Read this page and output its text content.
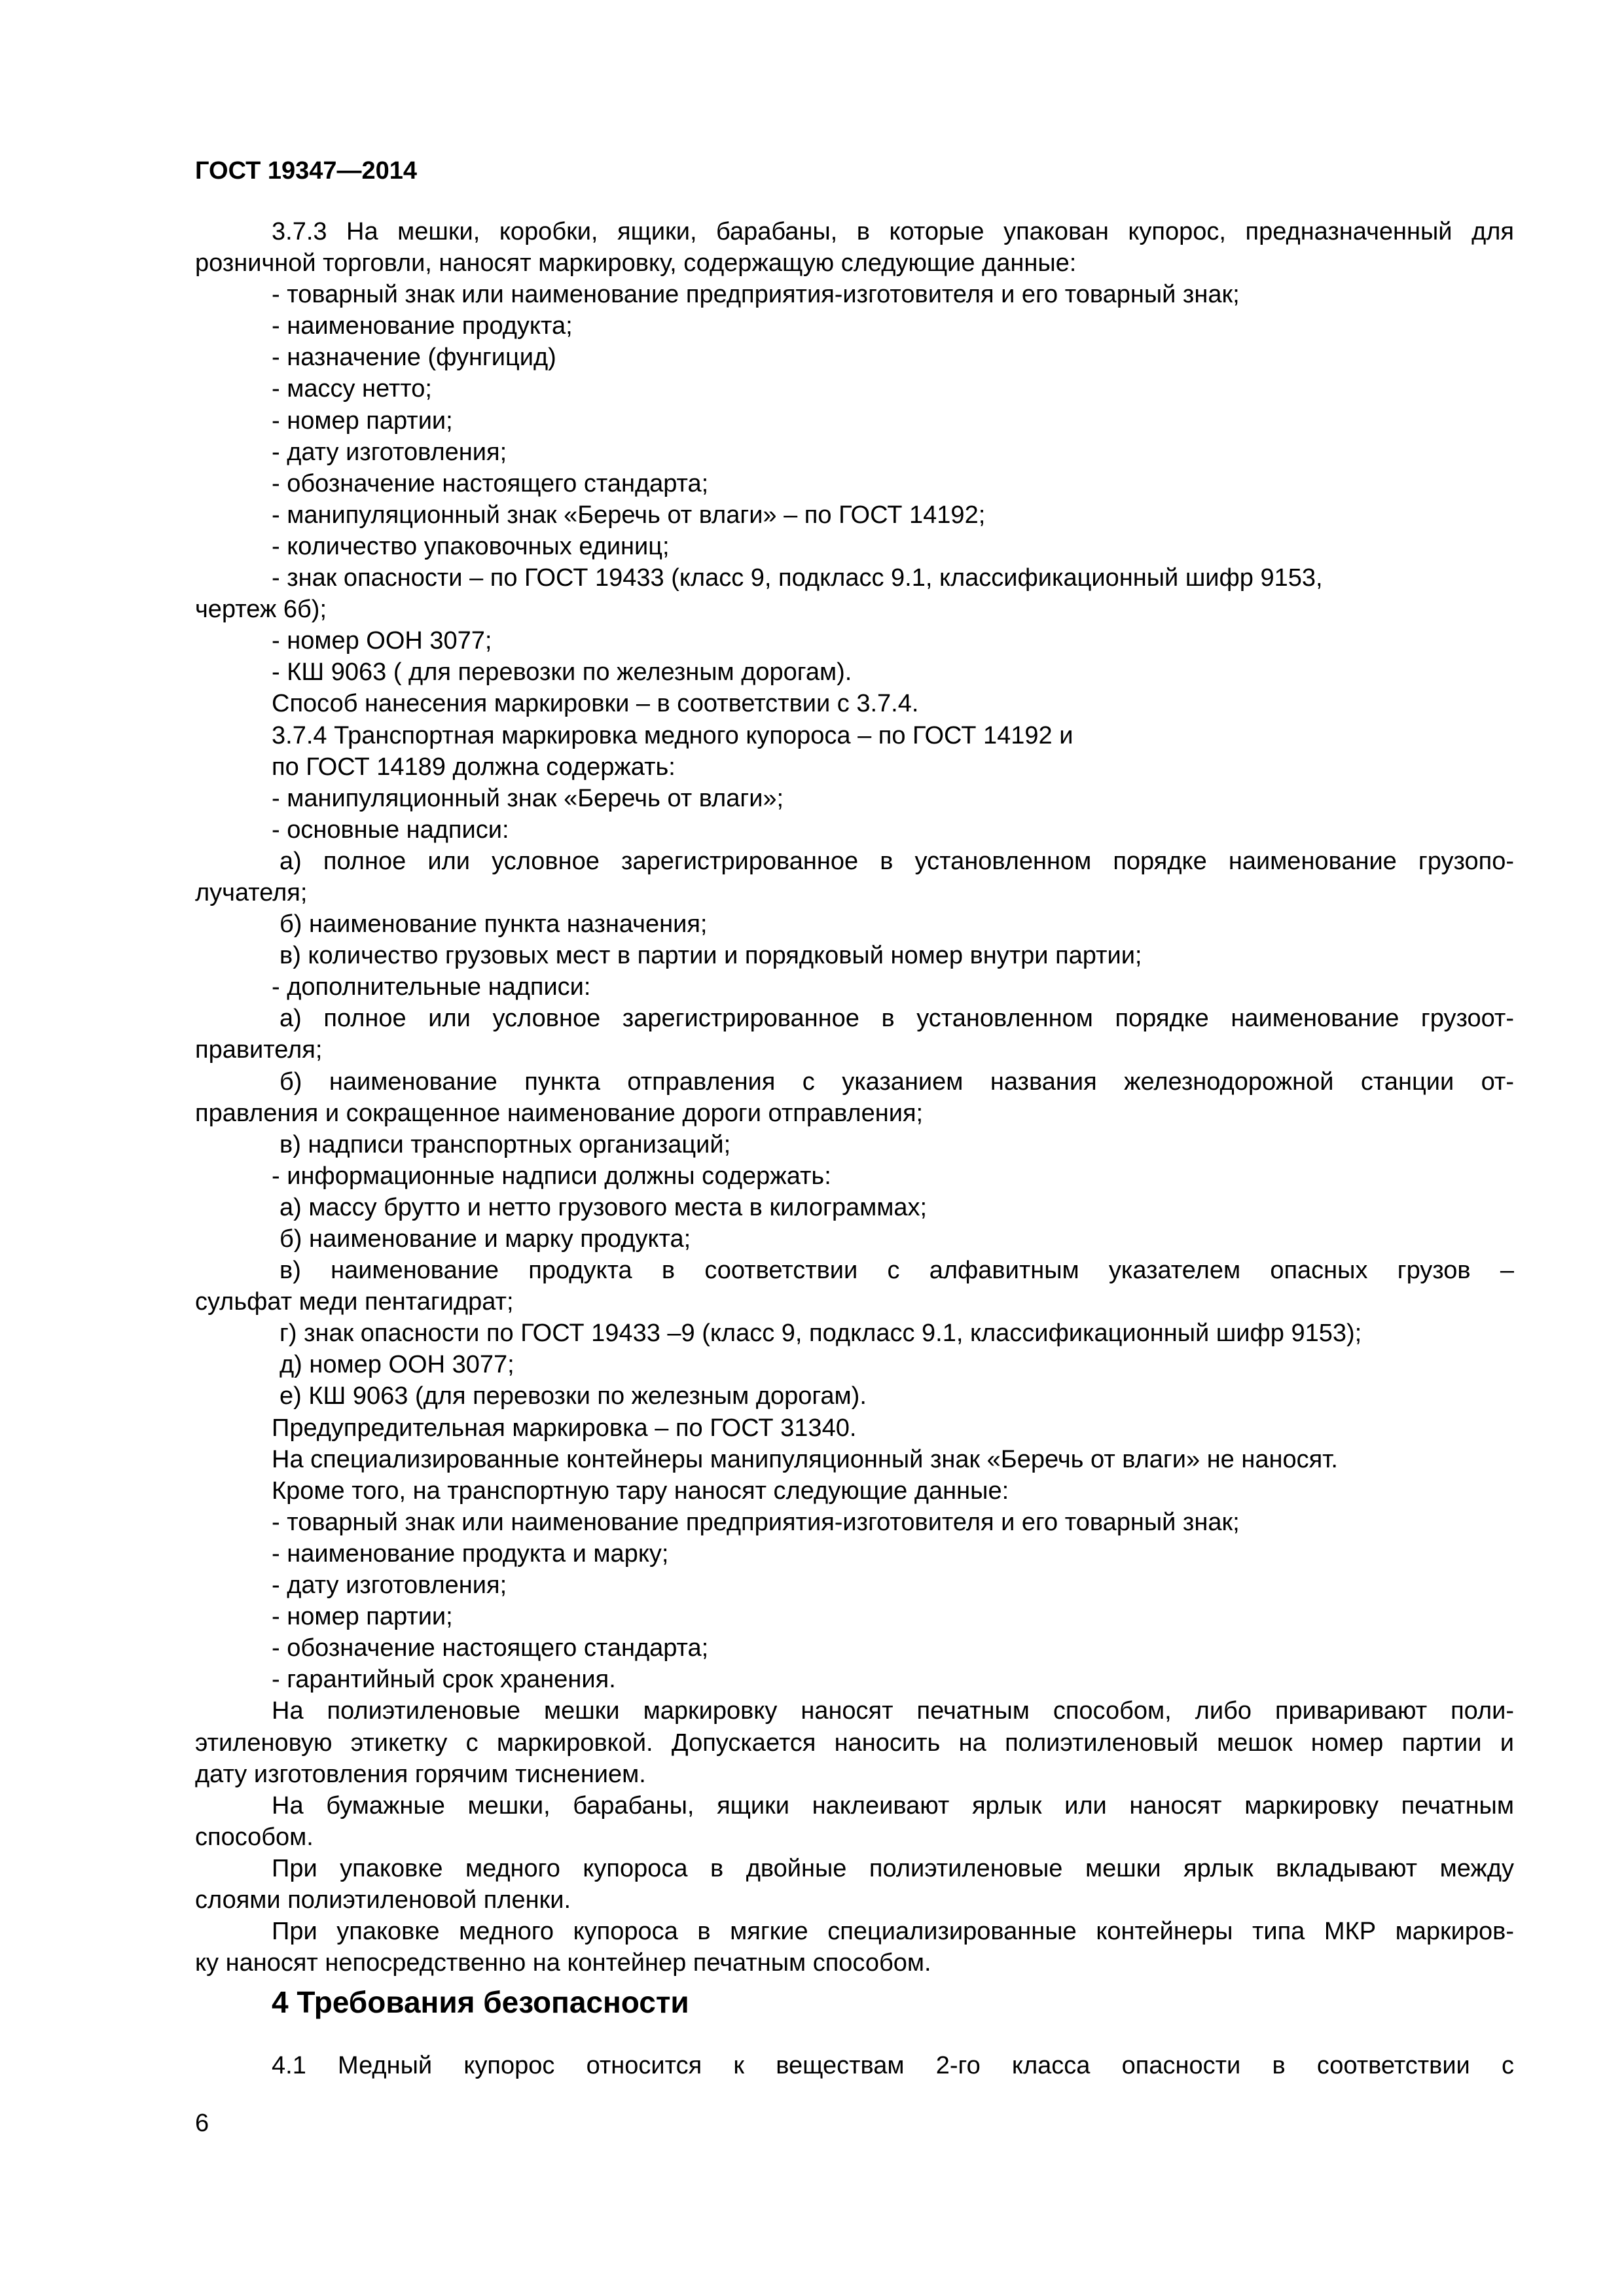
ГОСТ 19347—2014
3.7.3 На мешки, коробки, ящики, барабаны, в которые упакован купорос, предназначенный для
розничной торговли, наносят маркировку, содержащую следующие данные:
- товарный знак или наименование предприятия-изготовителя и его товарный знак;
- наименование продукта;
- назначение (фунгицид)
- массу нетто;
- номер партии;
- дату изготовления;
- обозначение настоящего стандарта;
- манипуляционный знак «Беречь от влаги» – по ГОСТ 14192;
- количество упаковочных единиц;
- знак опасности – по ГОСТ 19433 (класс 9, подкласс 9.1, классификационный шифр 9153,
чертеж 6б);
- номер ООН 3077;
- КШ 9063 ( для перевозки по железным дорогам).
Способ нанесения маркировки – в соответствии с 3.7.4.
3.7.4 Транспортная маркировка медного купороса – по ГОСТ 14192 и
по ГОСТ 14189 должна содержать:
- манипуляционный знак «Беречь от влаги»;
- основные надписи:
а) полное или условное зарегистрированное в установленном порядке наименование грузопо-
лучателя;
б) наименование пункта назначения;
в) количество грузовых мест в партии и порядковый номер внутри партии;
- дополнительные надписи:
а) полное или условное зарегистрированное в установленном порядке наименование грузоот-
правителя;
б) наименование пункта отправления с указанием названия железнодорожной станции от-
правления и сокращенное наименование дороги отправления;
в) надписи транспортных организаций;
- информационные надписи должны содержать:
а) массу брутто и нетто грузового места в килограммах;
б) наименование и марку продукта;
в) наименование продукта в соответствии с алфавитным указателем опасных грузов –
сульфат меди пентагидрат;
г) знак опасности по ГОСТ 19433 –9 (класс 9, подкласс 9.1, классификационный шифр 9153);
д) номер ООН 3077;
е) КШ 9063 (для перевозки по железным дорогам).
Предупредительная маркировка – по ГОСТ 31340.
На специализированные контейнеры манипуляционный знак «Беречь от влаги» не наносят.
Кроме того, на транспортную тару наносят следующие данные:
- товарный знак или наименование предприятия-изготовителя и его товарный знак;
- наименование продукта и марку;
- дату изготовления;
- номер партии;
- обозначение настоящего стандарта;
- гарантийный срок хранения.
На полиэтиленовые мешки маркировку наносят печатным способом, либо приваривают поли-
этиленовую этикетку с маркировкой. Допускается наносить на полиэтиленовый мешок номер партии и
дату изготовления горячим тиснением.
На бумажные мешки, барабаны, ящики наклеивают ярлык или наносят маркировку печатным
способом.
При упаковке медного купороса в двойные полиэтиленовые мешки ярлык вкладывают между
слоями полиэтиленовой пленки.
При упаковке медного купороса в мягкие специализированные контейнеры типа МКР маркиров-
ку наносят непосредственно на контейнер печатным способом.
4 Требования безопасности
4.1 Медный купорос относится к веществам 2-го класса опасности в соответствии с
6
